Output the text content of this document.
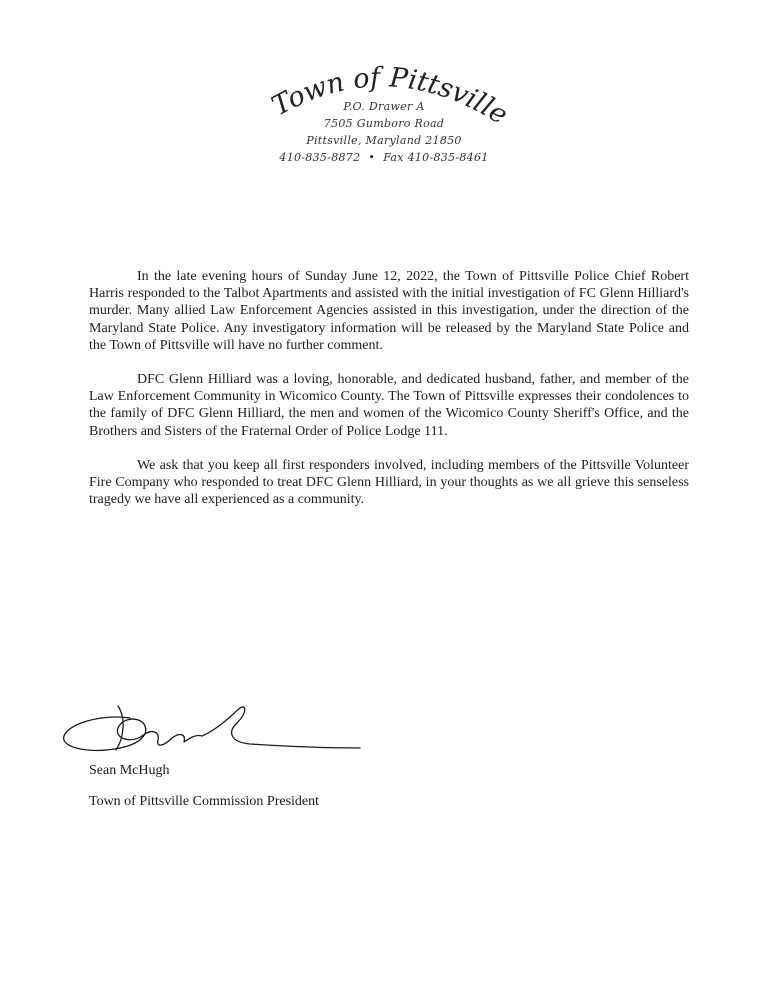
Town of Pittsville
P.O. Drawer A
7505 Gumboro Road
Pittsville, Maryland 21850
410-835-8872 • Fax 410-835-8461

In the late evening hours of Sunday June 12, 2022, the Town of Pittsville Police Chief Robert Harris responded to the Talbot Apartments and assisted with the initial investigation of FC Glenn Hilliard's murder. Many allied Law Enforcement Agencies assisted in this investigation, under the direction of the Maryland State Police. Any investigatory information will be released by the Maryland State Police and the Town of Pittsville will have no further comment.

DFC Glenn Hilliard was a loving, honorable, and dedicated husband, father, and member of the Law Enforcement Community in Wicomico County. The Town of Pittsville expresses their condolences to the family of DFC Glenn Hilliard, the men and women of the Wicomico County Sheriff's Office, and the Brothers and Sisters of the Fraternal Order of Police Lodge 111.

We ask that you keep all first responders involved, including members of the Pittsville Volunteer Fire Company who responded to treat DFC Glenn Hilliard, in your thoughts as we all grieve this senseless tragedy we have all experienced as a community.

Sean McHugh
Town of Pittsville Commission President
